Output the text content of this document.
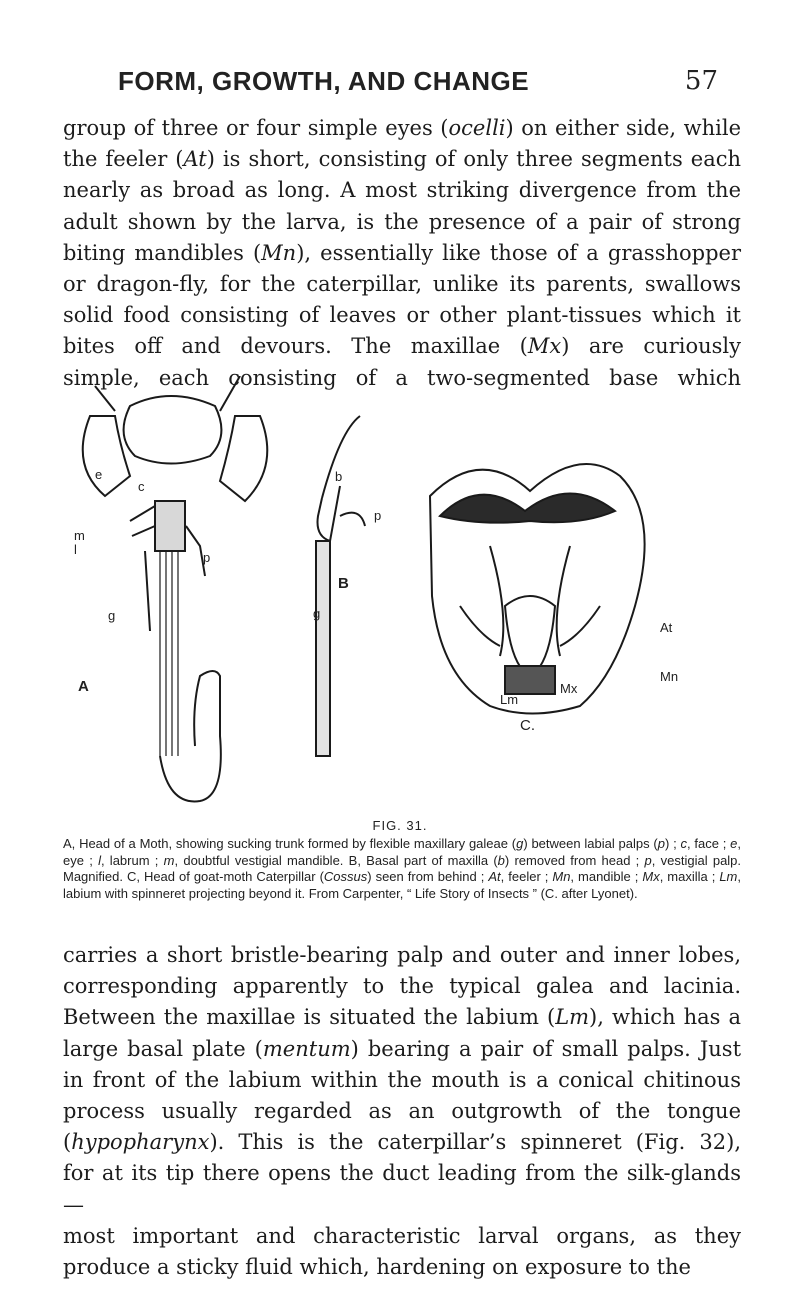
FORM, GROWTH, AND CHANGE	57

group of three or four simple eyes (ocelli) on either side, while

the feeler (At) is short, consisting of only three segments each

nearly as broad as long. A most striking divergence from the

adult shown by the larva, is the presence of a pair of strong

biting mandibles (Mn), essentially like those of a grasshopper

or dragon-fly, for the caterpillar, unlike its parents, swallows

solid food consisting of leaves or other plant-tissues which it

bites off and devours. The maxillae (Mx) are curiously

simple, each consisting of a two-segmented base which

c
e
m
l
p
g
A
b
p
B
g
At
Mn
Lm
Mx
C.
FIG. 31.
A, Head of a Moth, showing sucking trunk formed by flexible maxillary galeae (g) between labial palps (p) ; c, face ; e, eye ; l, labrum ; m, doubtful vestigial mandible. B, Basal part of maxilla (b) removed from head ; p, vestigial palp. Magnified. C, Head of goat-moth Caterpillar (Cossus) seen from behind ; At, feeler ; Mn, mandible ; Mx, maxilla ; Lm, labium with spinneret projecting beyond it. From Carpenter, “ Life Story of Insects ” (C. after Lyonet).

carries a short bristle-bearing palp and outer and inner lobes,

corresponding apparently to the typical galea and lacinia.

Between the maxillae is situated the labium (Lm), which has a

large basal plate (mentum) bearing a pair of small palps. Just

in front of the labium within the mouth is a conical chitinous

process usually regarded as an outgrowth of the tongue

(hypopharynx). This is the caterpillar’s spinneret (Fig. 32),

for at its tip there opens the duct leading from the silk-glands—

most important and characteristic larval organs, as they

produce a sticky fluid which, hardening on exposure to the
